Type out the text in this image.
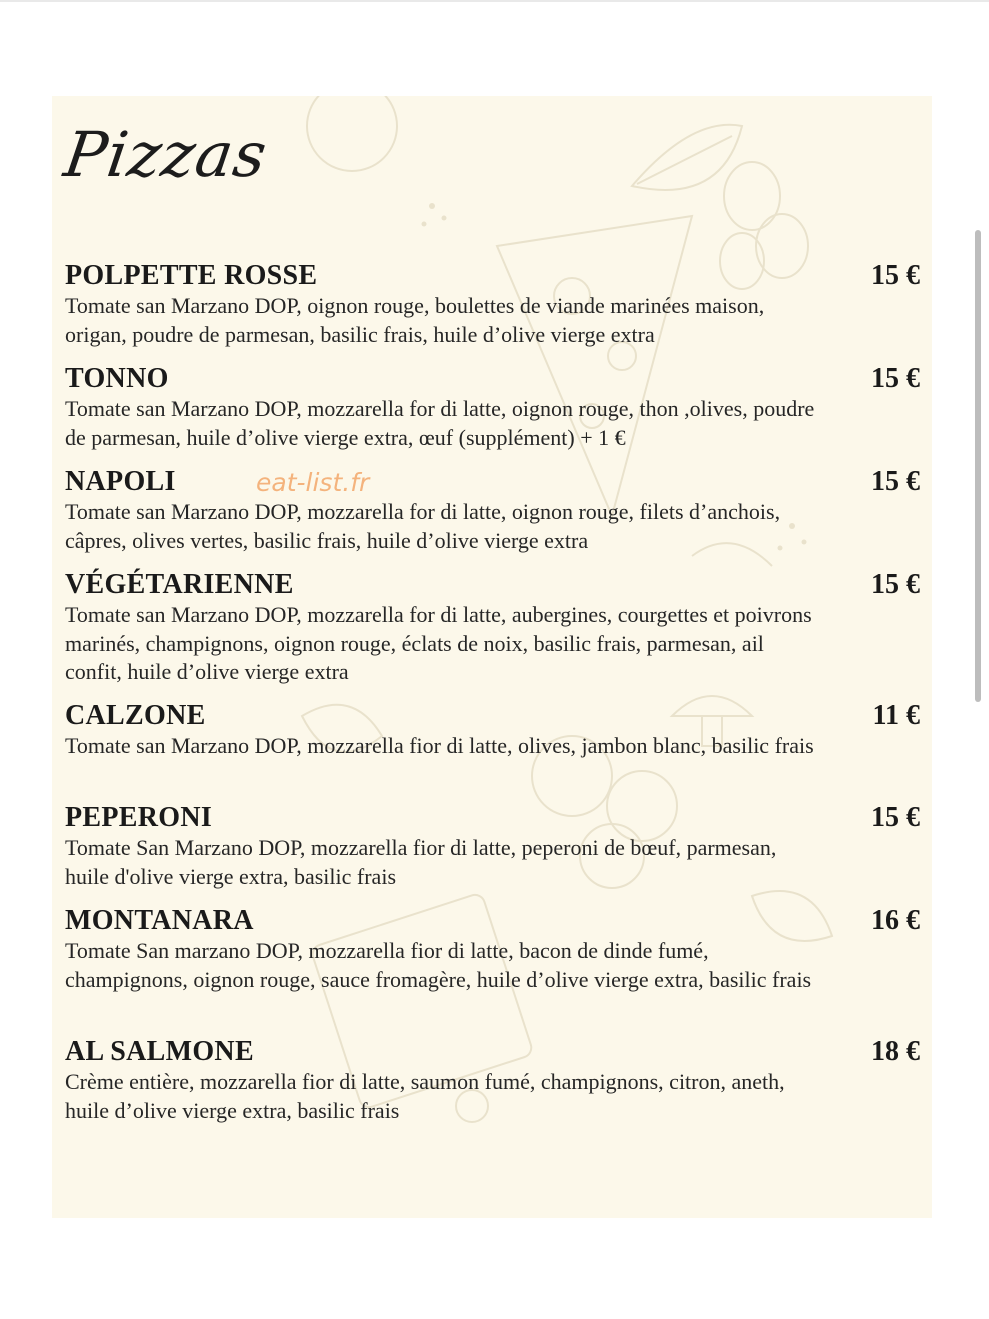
Pizzas
eat-list.fr
POLPETTE ROSSE	15 €
Tomate san Marzano DOP, oignon rouge, boulettes de viande marinées maison, origan, poudre de parmesan, basilic frais, huile d’olive vierge extra
TONNO	15 €
Tomate san Marzano DOP, mozzarella for di latte, oignon rouge, thon ,olives, poudre de parmesan, huile d’olive vierge extra, œuf (supplément) + 1 €
NAPOLI	15 €
Tomate san Marzano DOP, mozzarella for di latte, oignon rouge, filets d’anchois, câpres, olives vertes, basilic frais, huile d’olive vierge extra
VÉGÉTARIENNE	15 €
Tomate san Marzano DOP, mozzarella for di latte, aubergines, courgettes et poivrons marinés, champignons, oignon rouge, éclats de noix, basilic frais, parmesan, ail confit, huile d’olive vierge extra
CALZONE	11 €
Tomate san Marzano DOP, mozzarella fior di latte, olives, jambon blanc, basilic frais
PEPERONI	15 €
Tomate San Marzano DOP, mozzarella fior di latte, peperoni de bœuf, parmesan, huile d'olive vierge extra, basilic frais
MONTANARA	16 €
Tomate San marzano DOP, mozzarella fior di latte, bacon de dinde fumé, champignons, oignon rouge, sauce fromagère, huile d’olive vierge extra, basilic frais
AL SALMONE	18 €
Crème entière, mozzarella fior di latte, saumon fumé, champignons, citron, aneth, huile d’olive vierge extra, basilic frais
